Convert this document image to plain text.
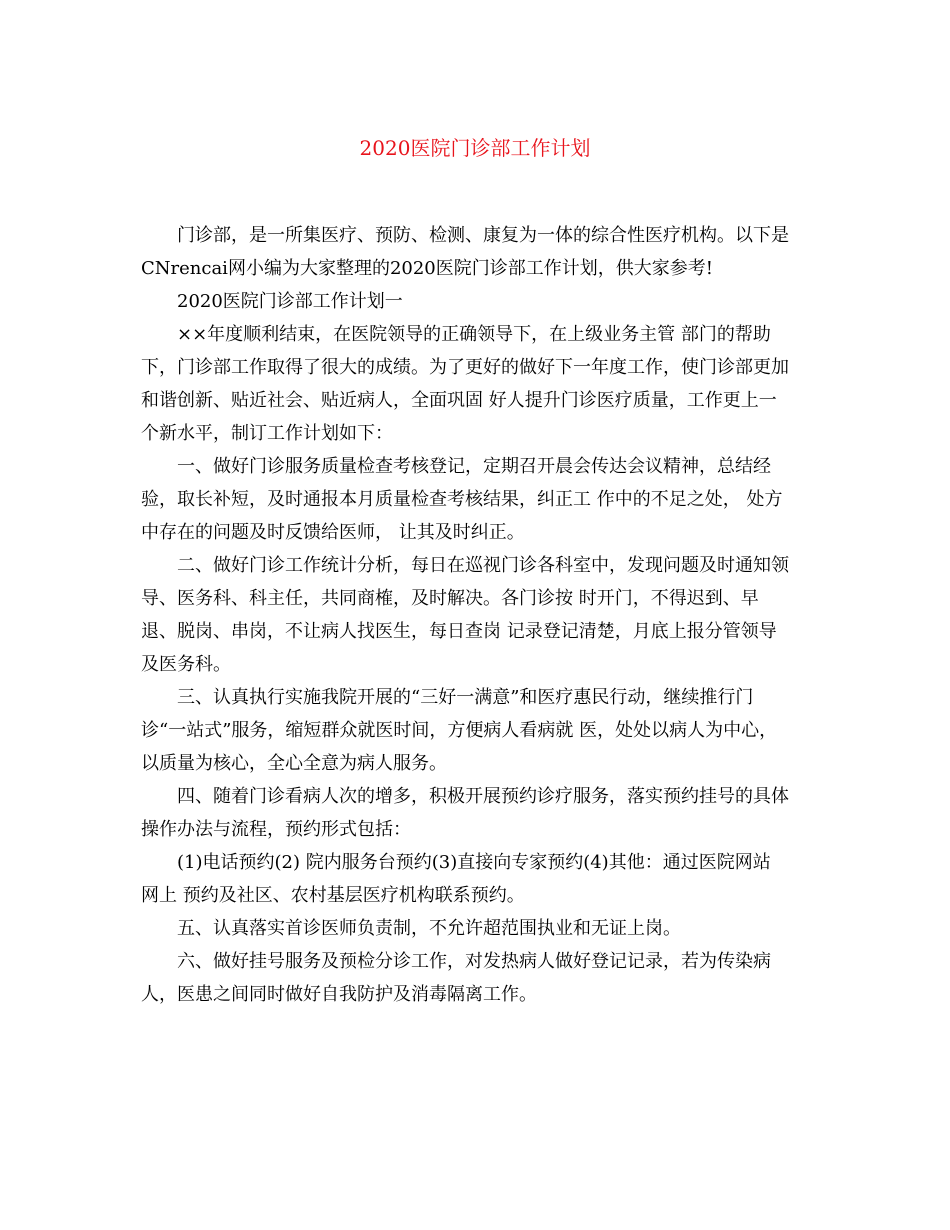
2020医院门诊部工作计划
门诊部，是一所集医疗、预防、检测、康复为一体的综合性医疗机构。以下是
CNrencai网小编为大家整理的2020医院门诊部工作计划，供大家参考!
2020医院门诊部工作计划一
××年度顺利结束，在医院领导的正确领导下，在上级业务主管 部门的帮助
下，门诊部工作取得了很大的成绩。为了更好的做好下一年度工作，使门诊部更加
和谐创新、贴近社会、贴近病人，全面巩固 好人提升门诊医疗质量，工作更上一
个新水平，制订工作计划如下：
一、做好门诊服务质量检查考核登记，定期召开晨会传达会议精神，总结经
验，取长补短，及时通报本月质量检查考核结果，纠正工 作中的不足之处， 处方
中存在的问题及时反馈给医师， 让其及时纠正。
二、做好门诊工作统计分析，每日在巡视门诊各科室中，发现问题及时通知领
导、医务科、科主任，共同商榷，及时解决。各门诊按 时开门，不得迟到、早
退、脱岗、串岗，不让病人找医生，每日查岗 记录登记清楚，月底上报分管领导
及医务科。
三、认真执行实施我院开展的“三好一满意”和医疗惠民行动，继续推行门
诊“一站式”服务，缩短群众就医时间，方便病人看病就 医，处处以病人为中心，
以质量为核心，全心全意为病人服务。
四、随着门诊看病人次的增多，积极开展预约诊疗服务，落实预约挂号的具体
操作办法与流程，预约形式包括：
(1)电话预约(2) 院内服务台预约(3)直接向专家预约(4)其他：通过医院网站
网上 预约及社区、农村基层医疗机构联系预约。
五、认真落实首诊医师负责制，不允许超范围执业和无证上岗。
六、做好挂号服务及预检分诊工作，对发热病人做好登记记录，若为传染病
人，医患之间同时做好自我防护及消毒隔离工作。
